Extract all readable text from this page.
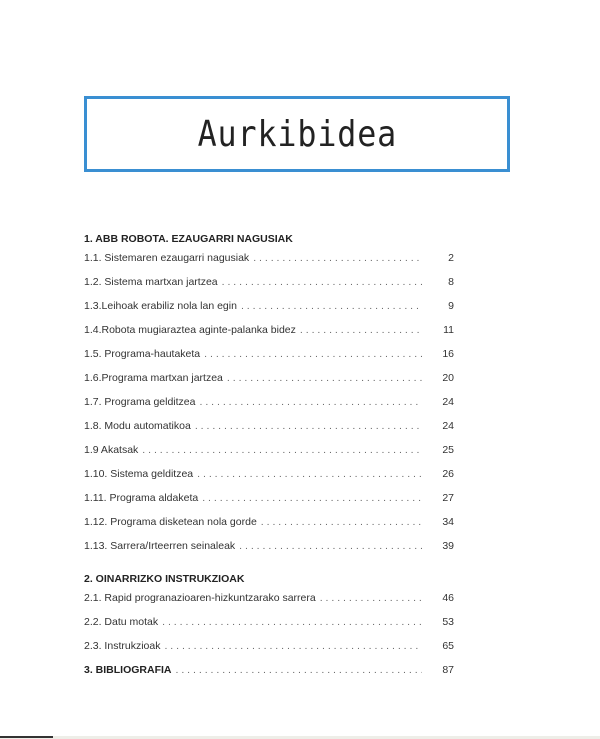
Aurkibidea
1. ABB ROBOTA. EZAUGARRI NAGUSIAK
1.1. Sistemaren ezaugarri nagusiak . . .	2
1.2. Sistema martxan jartzea . . .	8
1.3.Leihoak erabiliz nola lan egin . . .	9
1.4.Robota mugiaraztea aginte-palanka bidez . . .	11
1.5. Programa-hautaketa . . .	16
1.6.Programa martxan jartzea . . .	20
1.7. Programa gelditzea . . .	24
1.8. Modu automatikoa . . .	24
1.9 Akatsak . . .	25
1.10. Sistema gelditzea . . .	26
1.11. Programa aldaketa . . .	27
1.12. Programa disketean nola gorde . . .	34
1.13. Sarrera/Irteerren seinaleak . . .	39
2. OINARRIZKO INSTRUKZIOAK
2.1. Rapid progranazioaren-hizkuntzarako sarrera . . .	46
2.2. Datu motak . . .	53
2.3. Instrukzioak . . .	65
3. BIBLIOGRAFIA . . .	87
